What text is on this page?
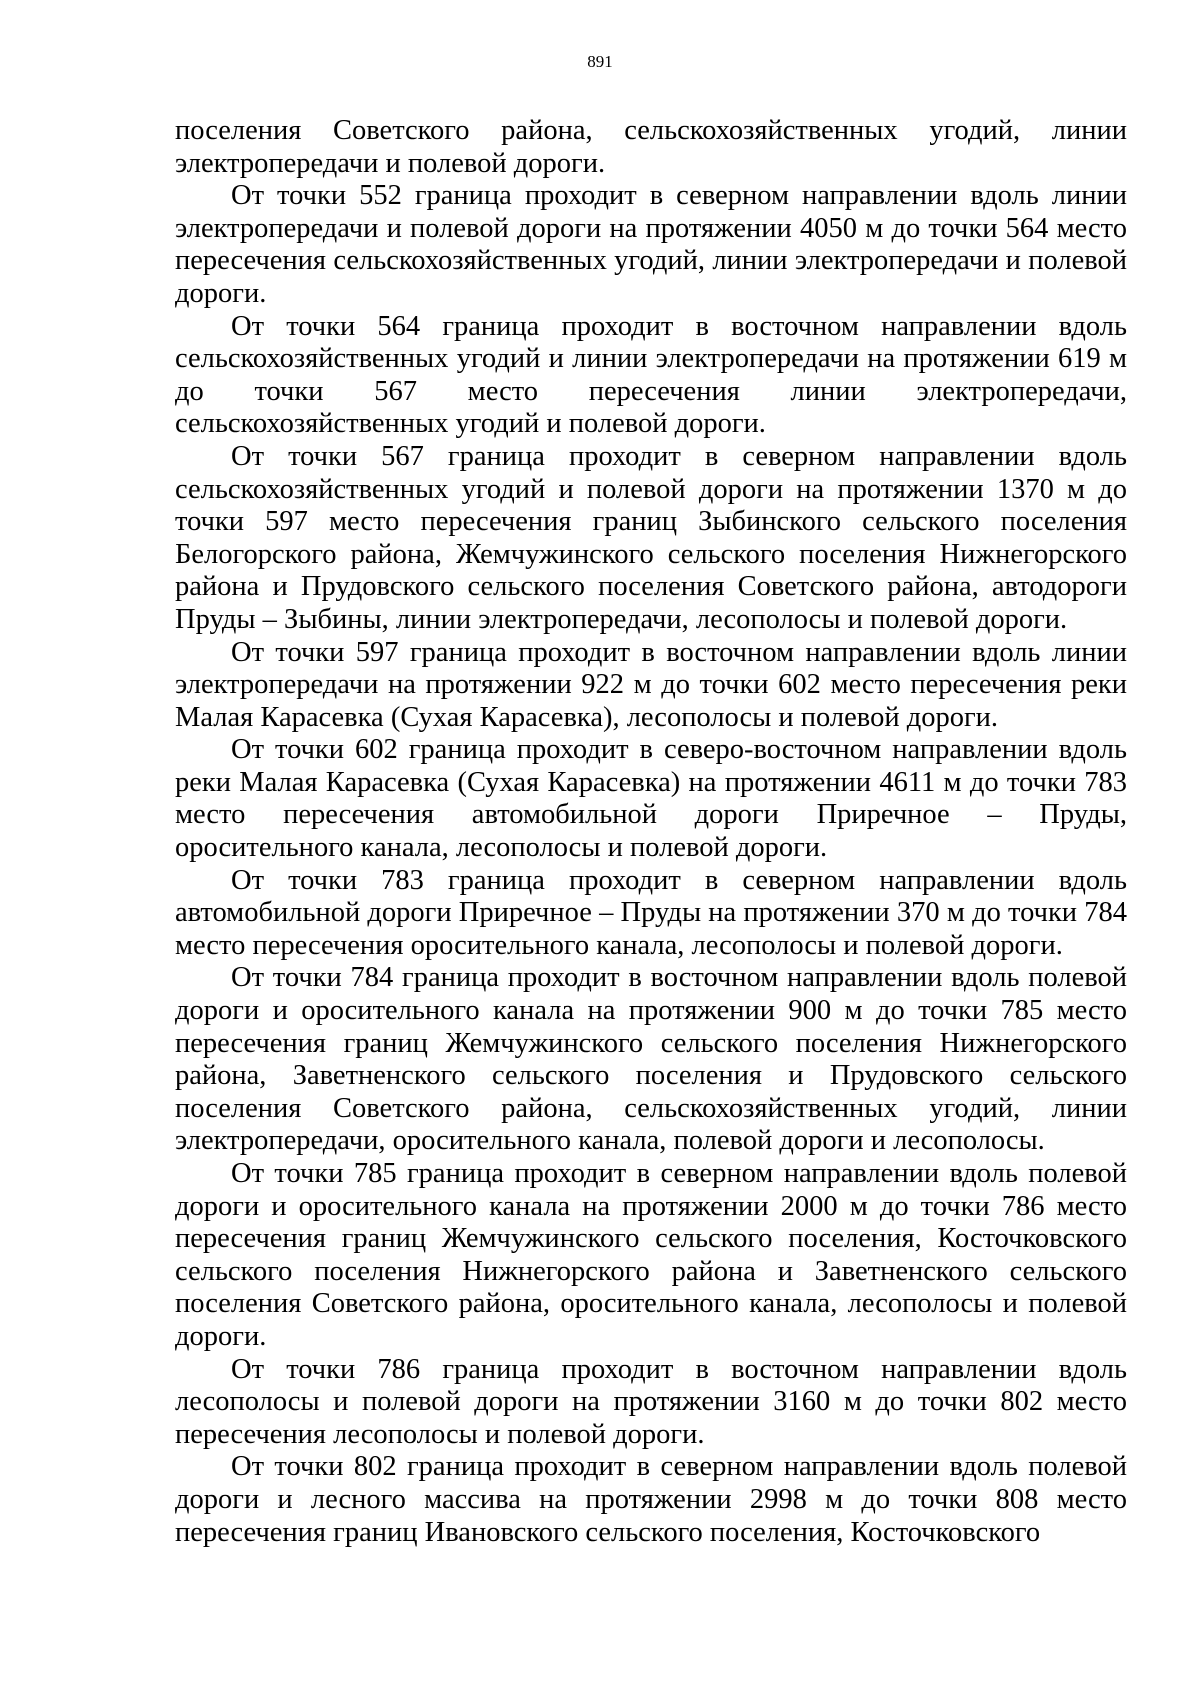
891

поселения Советского района, сельскохозяйственных угодий, линии электропередачи и полевой дороги.

От точки 552 граница проходит в северном направлении вдоль линии электропередачи и полевой дороги на протяжении 4050 м до точки 564 место пересечения сельскохозяйственных угодий, линии электропередачи и полевой дороги.

От точки 564 граница проходит в восточном направлении вдоль сельскохозяйственных угодий и линии электропередачи на протяжении 619 м до точки 567 место пересечения линии электропередачи, сельскохозяйственных угодий и полевой дороги.

От точки 567 граница проходит в северном направлении вдоль сельскохозяйственных угодий и полевой дороги на протяжении 1370 м до точки 597 место пересечения границ Зыбинского сельского поселения Белогорского района, Жемчужинского сельского поселения Нижнегорского района и Прудовского сельского поселения Советского района, автодороги Пруды – Зыбины, линии электропередачи, лесополосы и полевой дороги.

От точки 597 граница проходит в восточном направлении вдоль линии электропередачи на протяжении 922 м до точки 602 место пересечения реки Малая Карасевка (Сухая Карасевка), лесополосы и полевой дороги.

От точки 602 граница проходит в северо-восточном направлении вдоль реки Малая Карасевка (Сухая Карасевка) на протяжении 4611 м до точки 783 место пересечения автомобильной дороги Приречное – Пруды, оросительного канала, лесополосы и полевой дороги.

От точки 783 граница проходит в северном направлении вдоль автомобильной дороги Приречное – Пруды на протяжении 370 м до точки 784 место пересечения оросительного канала, лесополосы и полевой дороги.

От точки 784 граница проходит в восточном направлении вдоль полевой дороги и оросительного канала на протяжении 900 м до точки 785 место пересечения границ Жемчужинского сельского поселения Нижнегорского района, Заветненского сельского поселения и Прудовского сельского поселения Советского района, сельскохозяйственных угодий, линии электропередачи, оросительного канала, полевой дороги и лесополосы.

От точки 785 граница проходит в северном направлении вдоль полевой дороги и оросительного канала на протяжении 2000 м до точки 786 место пересечения границ Жемчужинского сельского поселения, Косточковского сельского поселения Нижнегорского района и Заветненского сельского поселения Советского района, оросительного канала, лесополосы и полевой дороги.

От точки 786 граница проходит в восточном направлении вдоль лесополосы и полевой дороги на протяжении 3160 м до точки 802 место пересечения лесополосы и полевой дороги.

От точки 802 граница проходит в северном направлении вдоль полевой дороги и лесного массива на протяжении 2998 м до точки 808 место пересечения границ Ивановского сельского поселения, Косточковского
